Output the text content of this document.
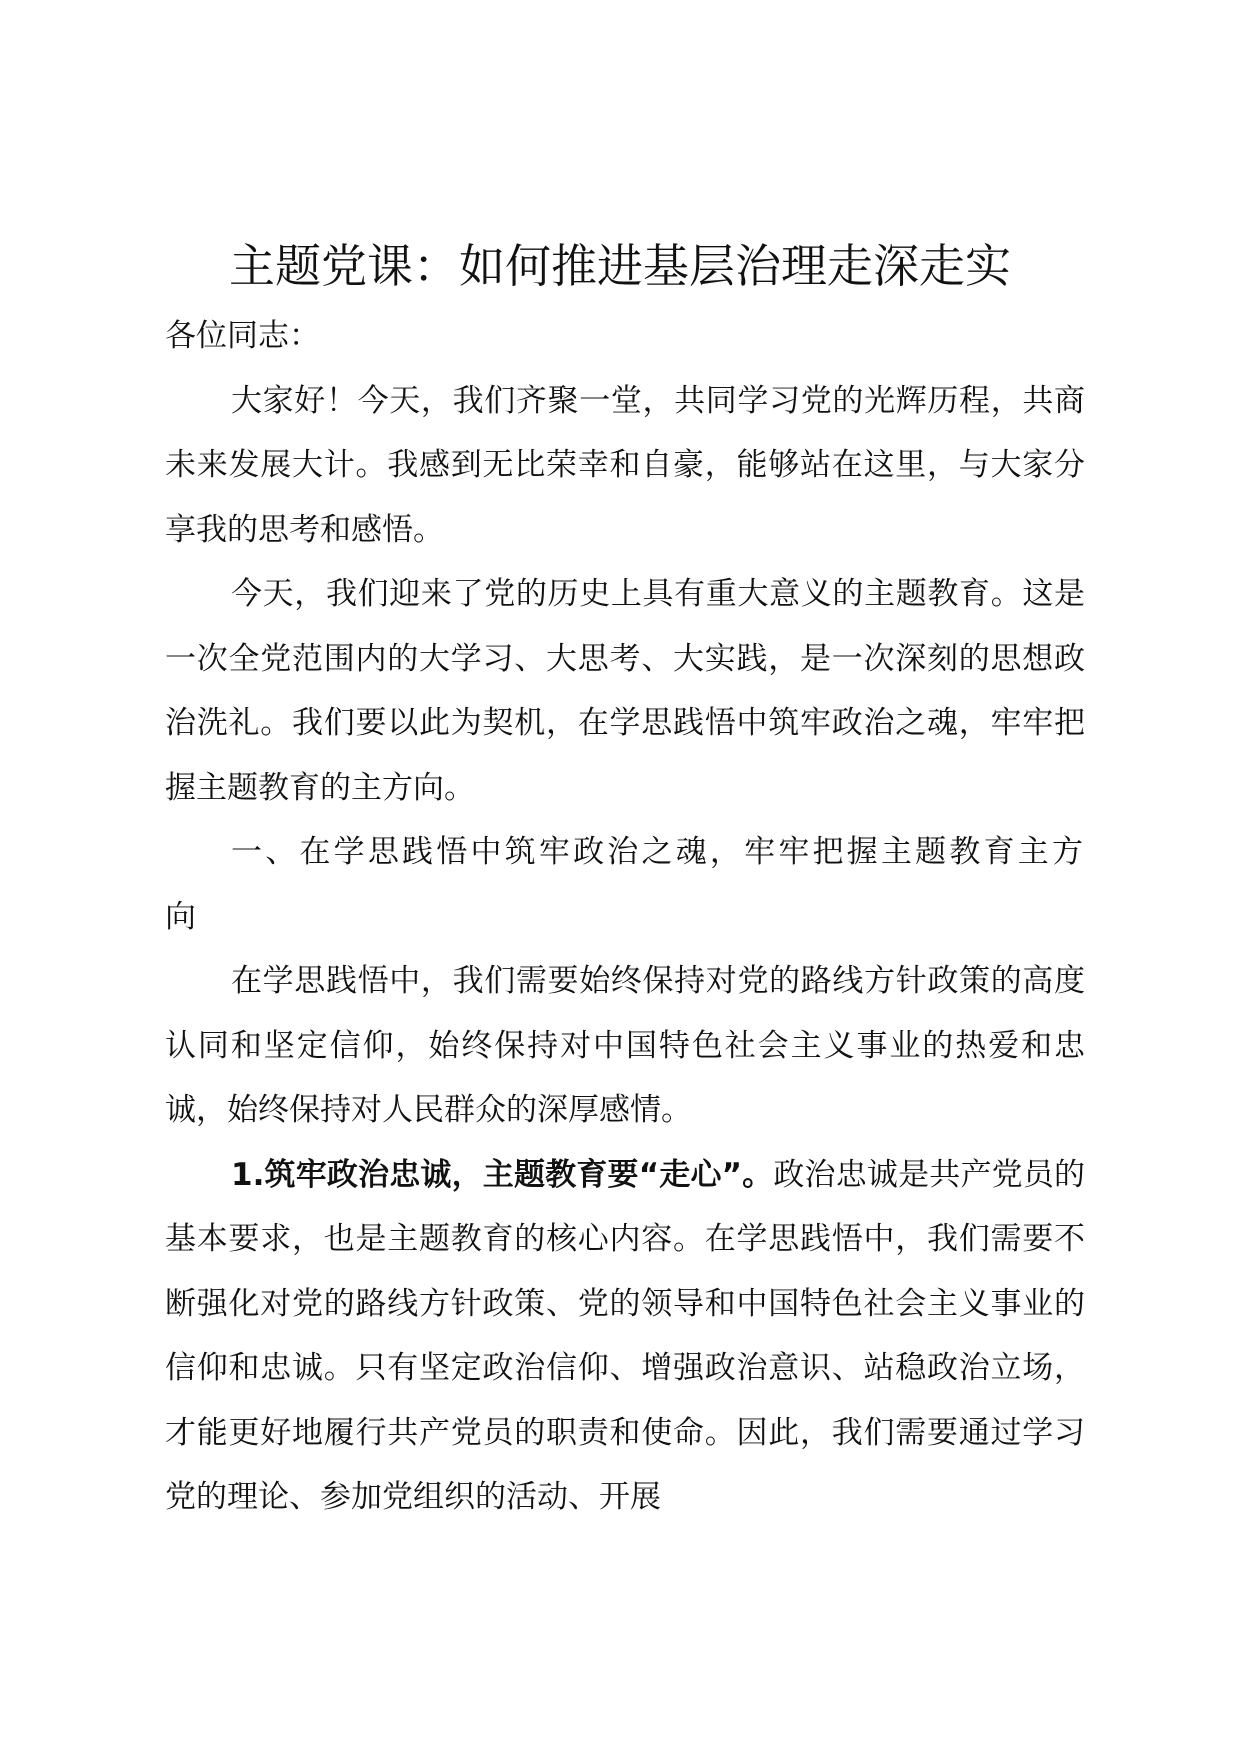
主题党课：如何推进基层治理走深走实

各位同志：

大家好！今天，我们齐聚一堂，共同学习党的光辉历程，共商未来发展大计。我感到无比荣幸和自豪，能够站在这里，与大家分享我的思考和感悟。

今天，我们迎来了党的历史上具有重大意义的主题教育。这是一次全党范围内的大学习、大思考、大实践，是一次深刻的思想政治洗礼。我们要以此为契机，在学思践悟中筑牢政治之魂，牢牢把握主题教育的主方向。

一、在学思践悟中筑牢政治之魂，牢牢把握主题教育主方向

在学思践悟中，我们需要始终保持对党的路线方针政策的高度认同和坚定信仰，始终保持对中国特色社会主义事业的热爱和忠诚，始终保持对人民群众的深厚感情。

1.筑牢政治忠诚，主题教育要“走心”。政治忠诚是共产党员的基本要求，也是主题教育的核心内容。在学思践悟中，我们需要不断强化对党的路线方针政策、党的领导和中国特色社会主义事业的信仰和忠诚。只有坚定政治信仰、增强政治意识、站稳政治立场，才能更好地履行共产党员的职责和使命。因此，我们需要通过学习党的理论、参加党组织的活动、开展
